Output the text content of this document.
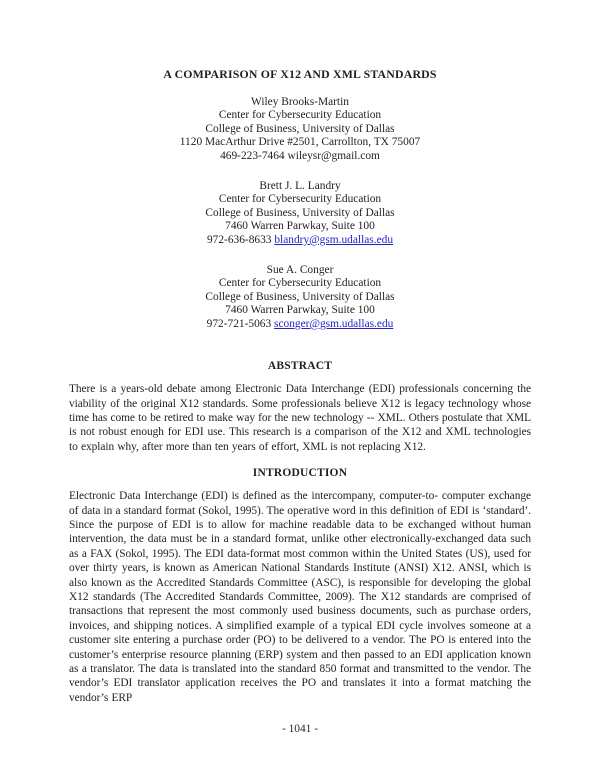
A COMPARISON OF X12 AND XML STANDARDS
Wiley Brooks-Martin
Center for Cybersecurity Education
College of Business, University of Dallas
1120 MacArthur Drive #2501, Carrollton, TX 75007
469-223-7464 wileysr@gmail.com
Brett J. L. Landry
Center for Cybersecurity Education
College of Business, University of Dallas
7460 Warren Parwkay, Suite 100
972-636-8633 blandry@gsm.udallas.edu
Sue A. Conger
Center for Cybersecurity Education
College of Business, University of Dallas
7460 Warren Parwkay, Suite 100
972-721-5063 sconger@gsm.udallas.edu
ABSTRACT
There is a years-old debate among Electronic Data Interchange (EDI) professionals concerning the viability of the original X12 standards. Some professionals believe X12 is legacy technology whose time has come to be retired to make way for the new technology -- XML. Others postulate that XML is not robust enough for EDI use. This research is a comparison of the X12 and XML technologies to explain why, after more than ten years of effort, XML is not replacing X12.
INTRODUCTION
Electronic Data Interchange (EDI) is defined as the intercompany, computer-to- computer exchange of data in a standard format (Sokol, 1995). The operative word in this definition of EDI is ‘standard’. Since the purpose of EDI is to allow for machine readable data to be exchanged without human intervention, the data must be in a standard format, unlike other electronically-exchanged data such as a FAX (Sokol, 1995). The EDI data-format most common within the United States (US), used for over thirty years, is known as American National Standards Institute (ANSI) X12. ANSI, which is also known as the Accredited Standards Committee (ASC), is responsible for developing the global X12 standards (The Accredited Standards Committee, 2009). The X12 standards are comprised of transactions that represent the most commonly used business documents, such as purchase orders, invoices, and shipping notices. A simplified example of a typical EDI cycle involves someone at a customer site entering a purchase order (PO) to be delivered to a vendor. The PO is entered into the customer’s enterprise resource planning (ERP) system and then passed to an EDI application known as a translator. The data is translated into the standard 850 format and transmitted to the vendor. The vendor’s EDI translator application receives the PO and translates it into a format matching the vendor’s ERP
- 1041 -
